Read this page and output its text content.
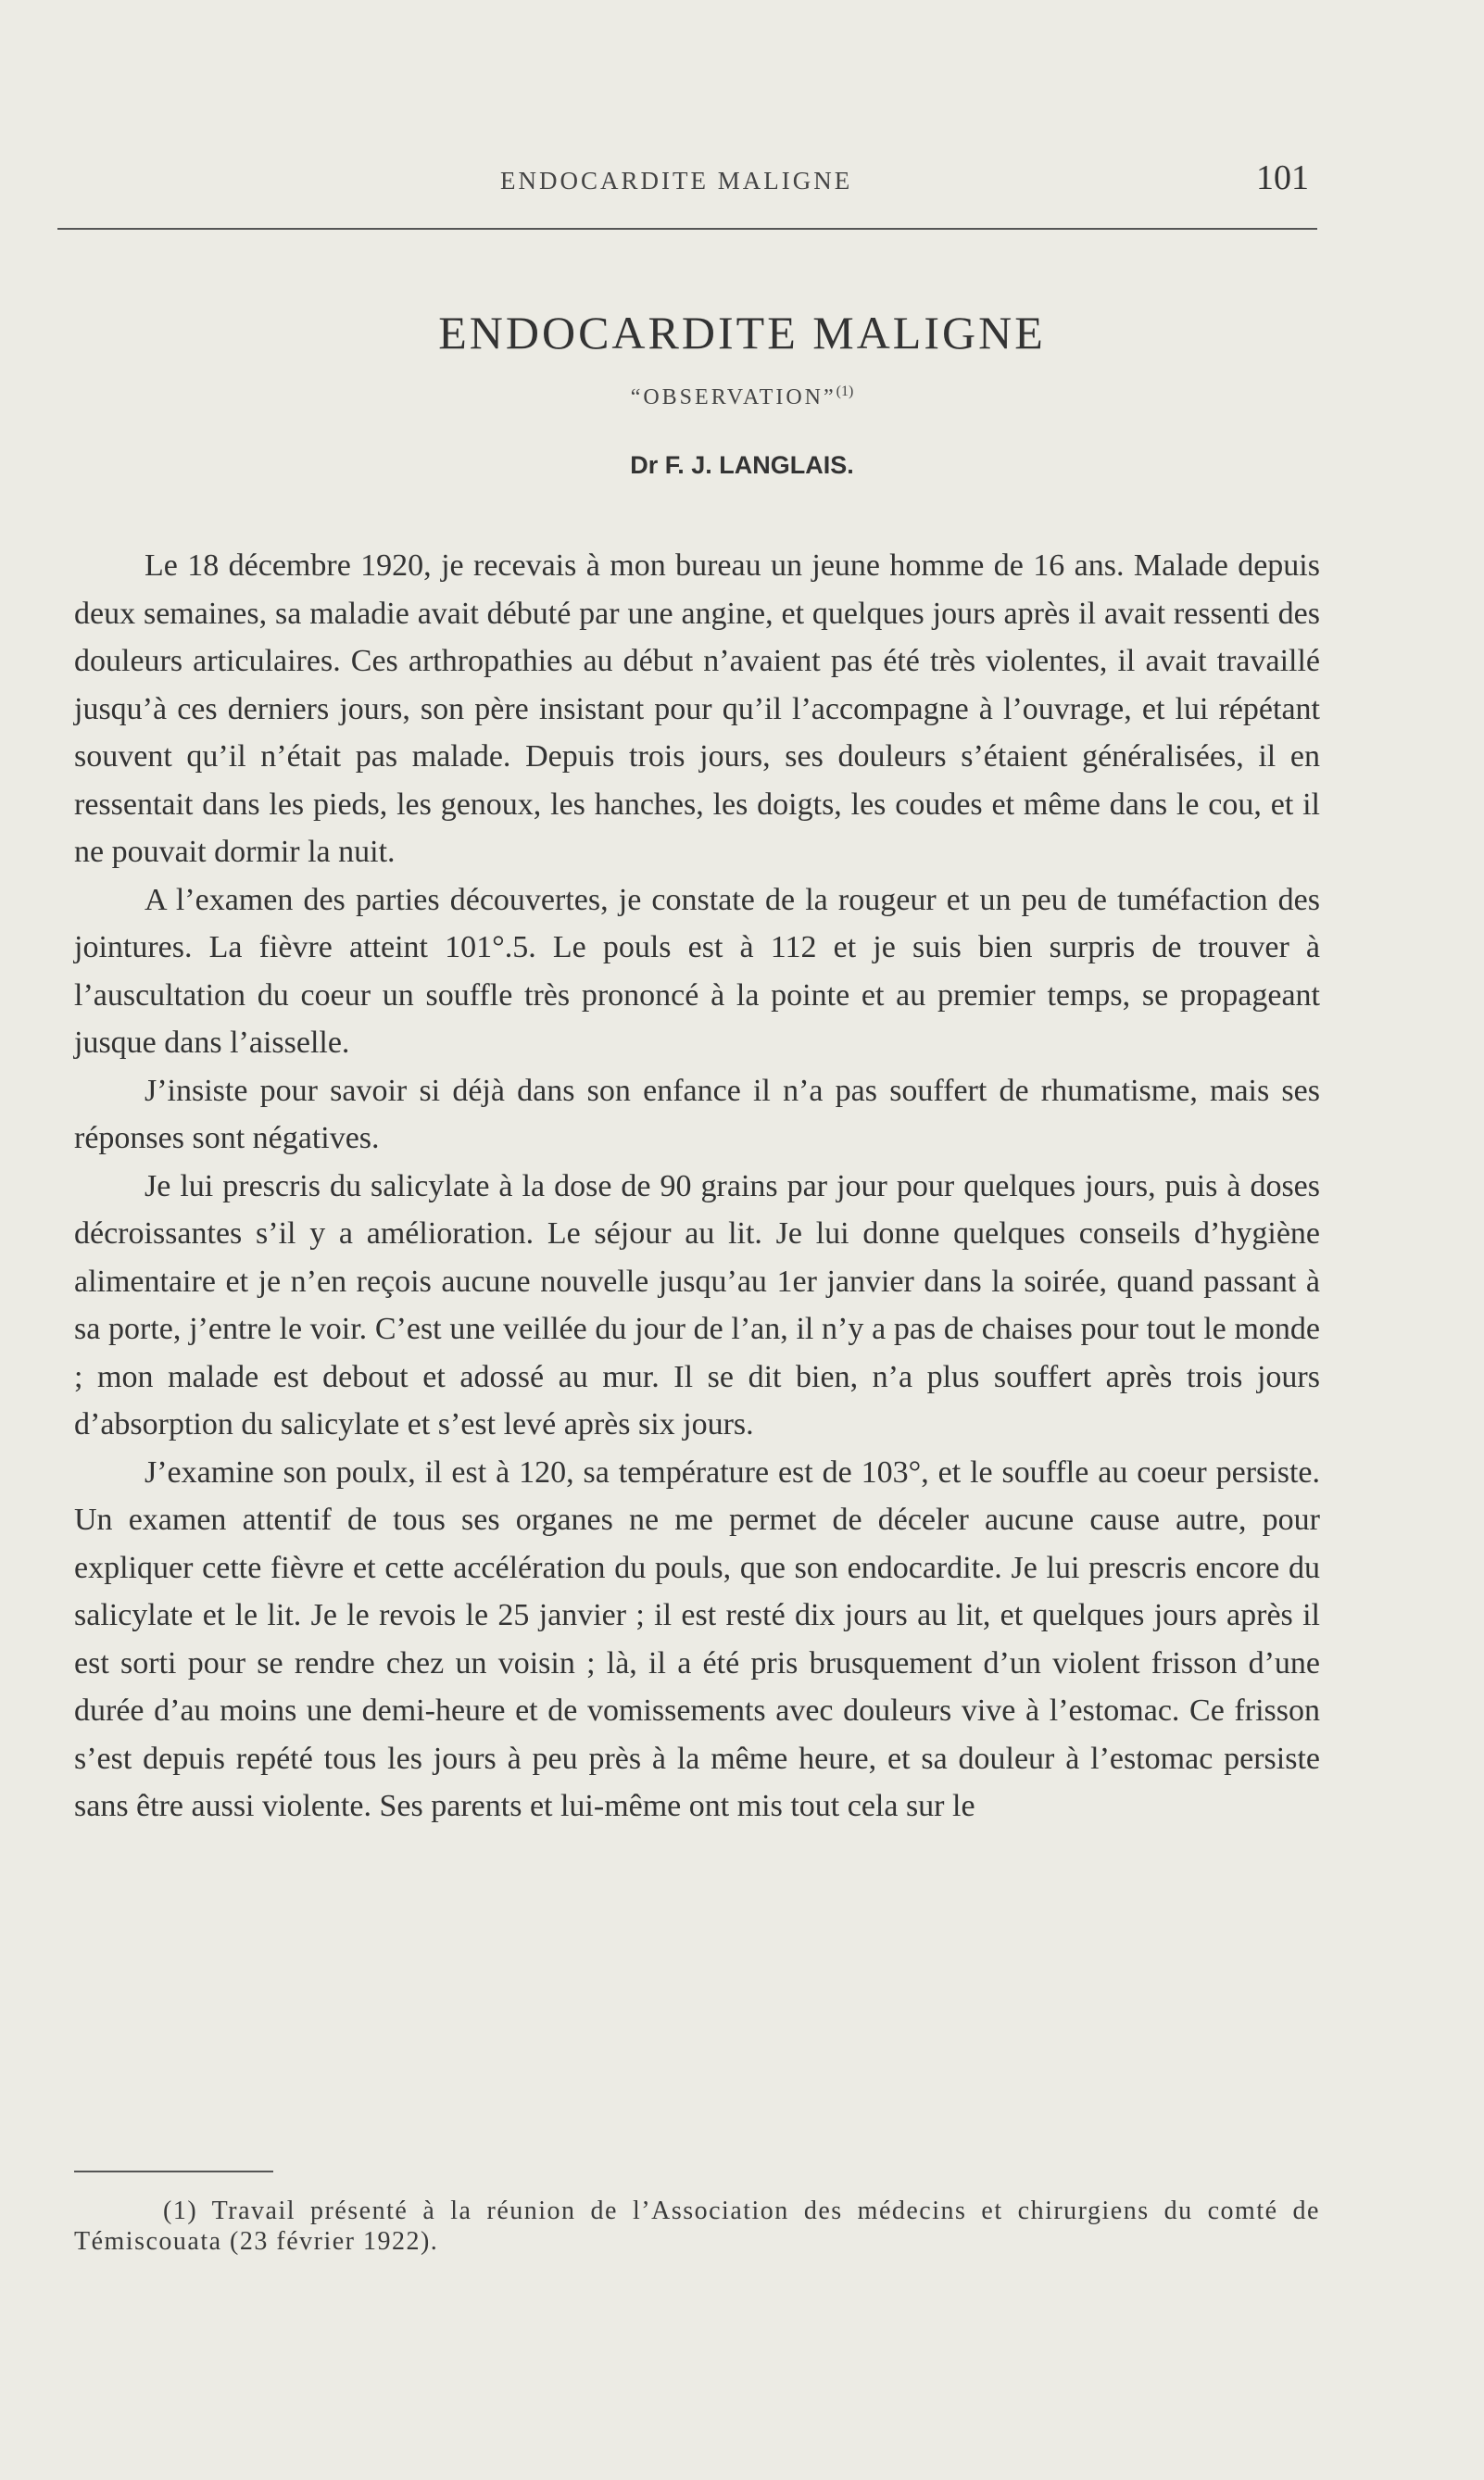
ENDOCARDITE MALIGNE	101
ENDOCARDITE MALIGNE
“OBSERVATION”$^{(1)}$
Dr F. J. LANGLAIS.

Le 18 décembre 1920, je recevais à mon bureau un jeune homme de 16 ans. Malade depuis deux semaines, sa maladie avait débuté par une angine, et quelques jours après il avait ressenti des douleurs articulaires. Ces arthropathies au début n’avaient pas été très violentes, il avait travaillé jusqu’à ces derniers jours, son père insistant pour qu’il l’accompagne à l’ouvrage, et lui répétant souvent qu’il n’était pas malade. Depuis trois jours, ses douleurs s’étaient généralisées, il en ressentait dans les pieds, les genoux, les hanches, les doigts, les coudes et même dans le cou, et il ne pouvait dormir la nuit.

A l’examen des parties découvertes, je constate de la rougeur et un peu de tuméfaction des jointures. La fièvre atteint 101°.5. Le pouls est à 112 et je suis bien surpris de trouver à l’auscultation du coeur un souffle très prononcé à la pointe et au premier temps, se propageant jusque dans l’aisselle.

J’insiste pour savoir si déjà dans son enfance il n’a pas souffert de rhumatisme, mais ses réponses sont négatives.

Je lui prescris du salicylate à la dose de 90 grains par jour pour quelques jours, puis à doses décroissantes s’il y a amélioration. Le séjour au lit. Je lui donne quelques conseils d’hygiène alimentaire et je n’en reçois aucune nouvelle jusqu’au 1er janvier dans la soirée, quand passant à sa porte, j’entre le voir. C’est une veillée du jour de l’an, il n’y a pas de chaises pour tout le monde ; mon malade est debout et adossé au mur. Il se dit bien, n’a plus souffert après trois jours d’absorption du salicylate et s’est levé après six jours.

J’examine son poulx, il est à 120, sa température est de 103°, et le souffle au coeur persiste. Un examen attentif de tous ses organes ne me permet de déceler aucune cause autre, pour expliquer cette fièvre et cette accélération du pouls, que son endocardite. Je lui prescris encore du salicylate et le lit. Je le revois le 25 janvier ; il est resté dix jours au lit, et quelques jours après il est sorti pour se rendre chez un voisin ; là, il a été pris brusquement d’un violent frisson d’une durée d’au moins une demi-heure et de vomissements avec douleurs vive à l’estomac. Ce frisson s’est depuis repété tous les jours à peu près à la même heure, et sa douleur à l’estomac persiste sans être aussi violente. Ses parents et lui-même ont mis tout cela sur le

(1) Travail présenté à la réunion de l’Association des médecins et chirurgiens du comté de Témiscouata (23 février 1922).
